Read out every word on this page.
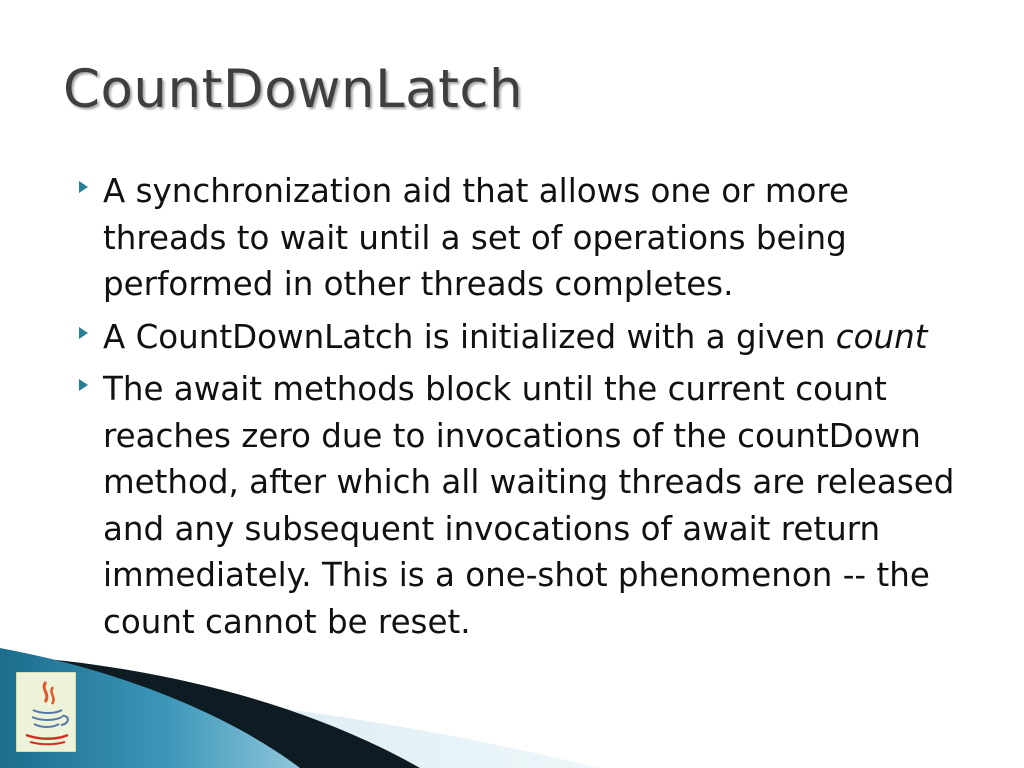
CountDownLatch
A synchronization aid that allows one or more threads to wait until a set of operations being performed in other threads completes.
A CountDownLatch is initialized with a given count
The await methods block until the current count reaches zero due to invocations of the countDown method, after which all waiting threads are released and any subsequent invocations of await return immediately. This is a one-shot phenomenon -- the count cannot be reset.
